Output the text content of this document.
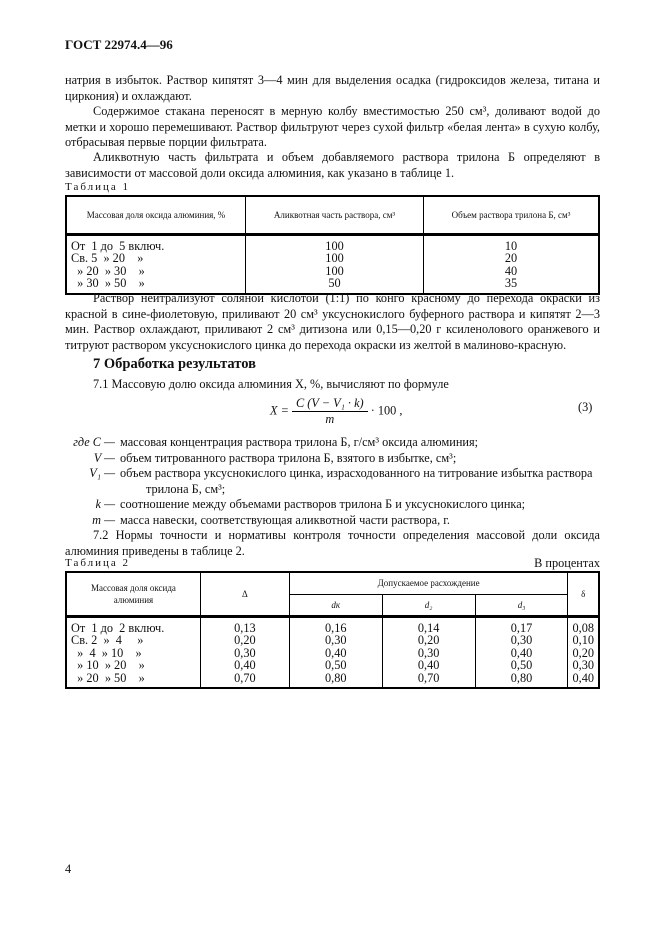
ГОСТ 22974.4—96
натрия в избыток. Раствор кипятят 3—4 мин для выделения осадка (гидроксидов железа, титана и циркония) и охлаждают.
Содержимое стакана переносят в мерную колбу вместимостью 250 см³, доливают водой до метки и хорошо перемешивают. Раствор фильтруют через сухой фильтр «белая лента» в сухую колбу, отбрасывая первые порции фильтрата.
Аликвотную часть фильтрата и объем добавляемого раствора трилона Б определяют в зависимости от массовой доли оксида алюминия, как указано в таблице 1.
Таблица 1
Массовая доля оксида алюминия, %	Аликвотная часть раствора, см³	Объем раствора трилона Б, см³
От  1 до  5 включ.	100	10
Св. 5  » 20    »	100	20
» 20  » 30    »	100	40
» 30  » 50    »	50	35
Раствор нейтрализуют соляной кислотой (1:1) по конго красному до перехода окраски из красной в сине-фиолетовую, приливают 20 см³ уксуснокислого буферного раствора и кипятят 2—3 мин. Раствор охлаждают, приливают 2 см³ дитизона или 0,15—0,20 г ксиленолового оранжевого и титруют раствором уксуснокислого цинка до перехода окраски из желтой в малиново-красную.
7 Обработка результатов
7.1 Массовую долю оксида алюминия X, %, вычисляют по формуле
$X = \frac{\text{C (V − V₁ · k)}}{m} \cdot 100$ ,	(3)
где C — массовая концентрация раствора трилона Б, г/см³ оксида алюминия;
V — объем титрованного раствора трилона Б, взятого в избытке, см³;
V₁ — объем раствора уксуснокислого цинка, израсходованного на титрование избытка раствора
трилона Б, см³;
k — соотношение между объемами растворов трилона Б и уксуснокислого цинка;
m — масса навески, соответствующая аликвотной части раствора, г.
7.2 Нормы точности и нормативы контроля точности определения массовой доли оксида алюминия приведены в таблице 2.
Таблица 2	В процентах
Массовая доля оксида алюминия	Δ	Допускаемое расхождение			δ
		dк	d₂	d₃	
От  1 до  2 включ.	0,13	0,16	0,14	0,17	0,08
Св. 2  »  4     »	0,20	0,30	0,20	0,30	0,10
»  4  » 10    »	0,30	0,40	0,30	0,40	0,20
» 10  » 20    »	0,40	0,50	0,40	0,50	0,30
» 20  » 50    »	0,70	0,80	0,70	0,80	0,40
4
